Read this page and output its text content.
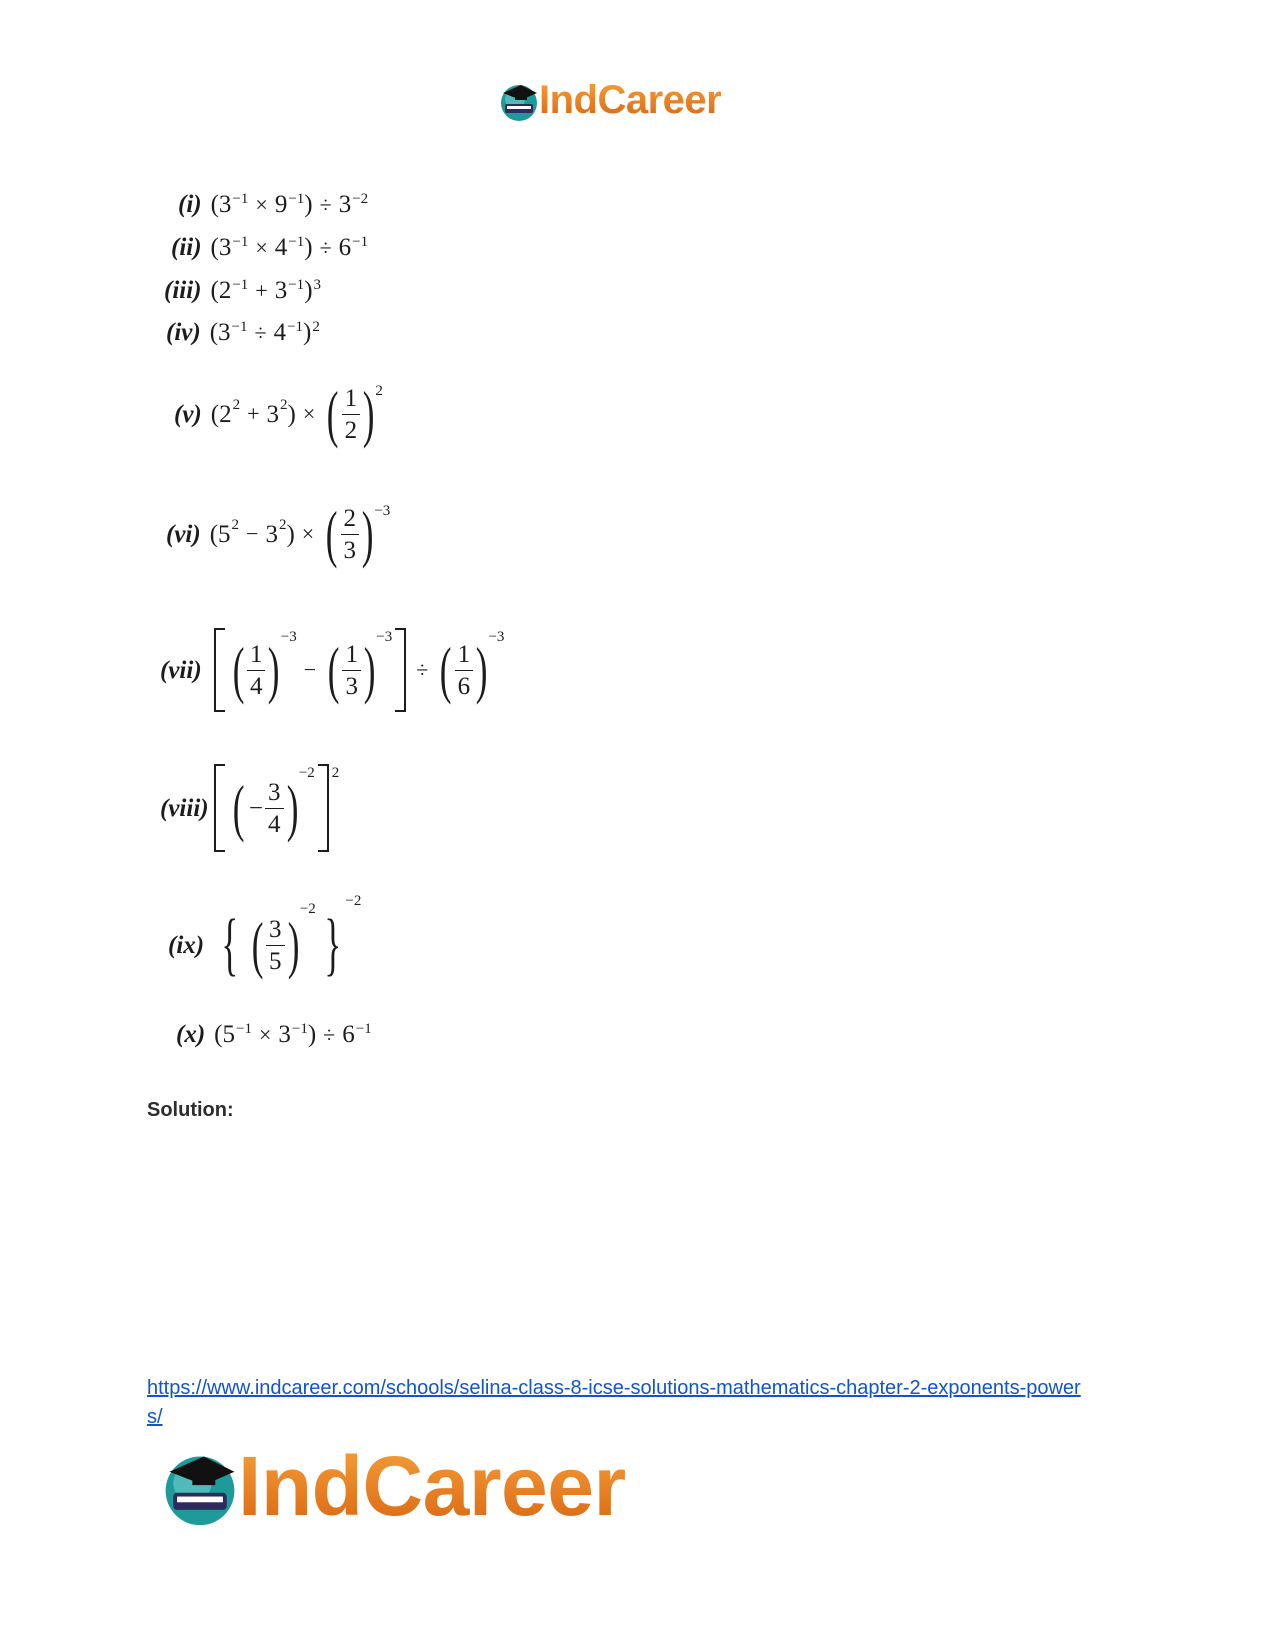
IndCareer
(i) $(3^{-1} \times 9^{-1}) \div 3^{-2}$
(ii) $(3^{-1} \times 4^{-1}) \div 6^{-1}$
(iii) $(2^{-1} + 3^{-1})^3$
(iv) $(3^{-1} \div 4^{-1})^2$
(v) ($2^2 + 3^2$ ) × ( $\frac{1}{2}$ ) 2
(vi) ($5^2 - 3^2$ ) × ( $\frac{2}{3}$ ) −3
(vii) ( $\frac{1}{4}$ ) −3
− ( $\frac{1}{3}$ ) −3
÷ ( $\frac{1}{6}$ ) −3
(viii) ( − $\frac{3}{4}$ ) −2 2
(ix) { ( $\frac{3}{5}$ ) −2 }
−2
(x) $(5^{-1} \times 3^{-1}) \div 6^{-1}$
Solution:
https://www.indcareer.com/schools/selina-class-8-icse-solutions-mathematics-chapter-2-exponents-powers/
IndCareer
